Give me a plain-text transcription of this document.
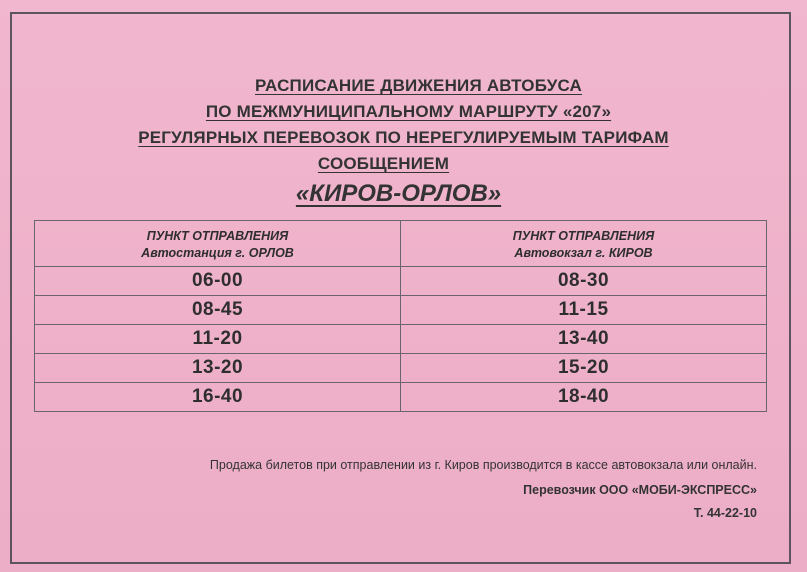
РАСПИСАНИЕ ДВИЖЕНИЯ АВТОБУСА
ПО МЕЖМУНИЦИПАЛЬНОМУ МАРШРУТУ «207»
РЕГУЛЯРНЫХ ПЕРЕВОЗОК ПО НЕРЕГУЛИРУЕМЫМ ТАРИФАМ
СООБЩЕНИЕМ
«КИРОВ-ОРЛОВ»
ПУНКТ ОТПРАВЛЕНИЯ	ПУНКТ ОТПРАВЛЕНИЯ
Автостанция г. ОРЛОВ	Автовокзал г. КИРОВ
06-00	08-30
08-45	11-15
11-20	13-40
13-20	15-20
16-40	18-40
Продажа билетов при отправлении из г. Киров производится в кассе автовокзала или онлайн.
Перевозчик ООО «МОБИ-ЭКСПРЕСС»
Т. 44-22-10
